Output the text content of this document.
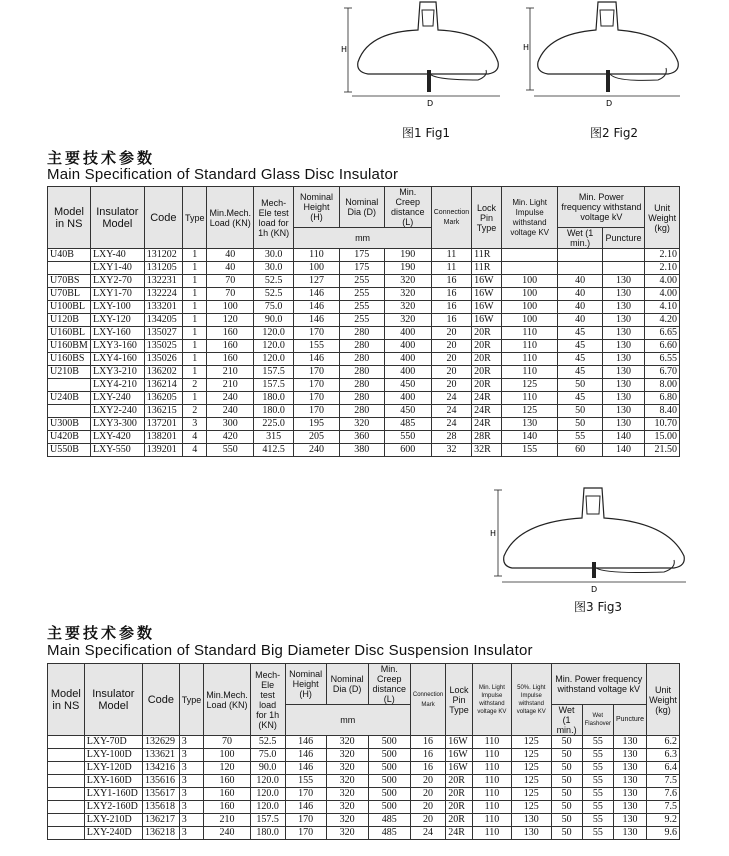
H
D
图1 Fig1
H
D
图2 Fig2
主要技术参数
Main Specification of Standard Glass Disc Insulator
Model in NS	Insulator Model	Code	Type	Min.Mech. Load (KN)	Mech-Ele test load for 1h (KN)	Nominal Height (H)	Nominal Dia (D)	Min. Creep distance (L)	Connection Mark	Lock Pin Type	Min. Light Impulse withstand voltage KV	Min. Power frequency withstand voltage kV		Unit Weight (kg)
						mm						Wet (1 min.)	Puncture	
U40B	LXY-40	131202	1	40	30.0	110	175	190	11	11R				2.10
	LXY1-40	131205	1	40	30.0	100	175	190	11	11R				2.10
U70BS	LXY2-70	132231	1	70	52.5	127	255	320	16	16W	100	40	130	4.00
U70BL	LXY1-70	132224	1	70	52.5	146	255	320	16	16W	100	40	130	4.00
U100BL	LXY-100	133201	1	100	75.0	146	255	320	16	16W	100	40	130	4.10
U120B	LXY-120	134205	1	120	90.0	146	255	320	16	16W	100	40	130	4.20
U160BL	LXY-160	135027	1	160	120.0	170	280	400	20	20R	110	45	130	6.65
U160BM	LXY3-160	135025	1	160	120.0	155	280	400	20	20R	110	45	130	6.60
U160BS	LXY4-160	135026	1	160	120.0	146	280	400	20	20R	110	45	130	6.55
U210B	LXY3-210	136202	1	210	157.5	170	280	400	20	20R	110	45	130	6.70
	LXY4-210	136214	2	210	157.5	170	280	450	20	20R	125	50	130	8.00
U240B	LXY-240	136205	1	240	180.0	170	280	400	24	24R	110	45	130	6.80
	LXY2-240	136215	2	240	180.0	170	280	450	24	24R	125	50	130	8.40
U300B	LXY3-300	137201	3	300	225.0	195	320	485	24	24R	130	50	130	10.70
U420B	LXY-420	138201	4	420	315	205	360	550	28	28R	140	55	140	15.00
U550B	LXY-550	139201	4	550	412.5	240	380	600	32	32R	155	60	140	21.50
H
D
图3 Fig3
主要技术参数
Main Specification of Standard Big Diameter Disc Suspension Insulator
Model in NS	Insulator Model	Code	Type	Min.Mech. Load (KN)	Mech-Ele test load for 1h (KN)	Nominal Height (H)	Nominal Dia (D)	Min. Creep distance (L)	Connection Mark	Lock Pin Type	Min. Light Impulse withstand voltage KV	50%. Light Impulse withstand voltage KV	Min. Power frequency withstand voltage kV			Unit Weight (kg)
						mm							Wet (1 min.)	Wet Flashover	Puncture	
	LXY-70D	132629	3	70	52.5	146	320	500	16	16W	110	125	50	55	130	6.2
	LXY-100D	133621	3	100	75.0	146	320	500	16	16W	110	125	50	55	130	6.3
	LXY-120D	134216	3	120	90.0	146	320	500	16	16W	110	125	50	55	130	6.4
	LXY-160D	135616	3	160	120.0	155	320	500	20	20R	110	125	50	55	130	7.5
	LXY1-160D	135617	3	160	120.0	170	320	500	20	20R	110	125	50	55	130	7.6
	LXY2-160D	135618	3	160	120.0	146	320	500	20	20R	110	125	50	55	130	7.5
	LXY-210D	136217	3	210	157.5	170	320	485	20	20R	110	130	50	55	130	9.2
	LXY-240D	136218	3	240	180.0	170	320	485	24	24R	110	130	50	55	130	9.6
